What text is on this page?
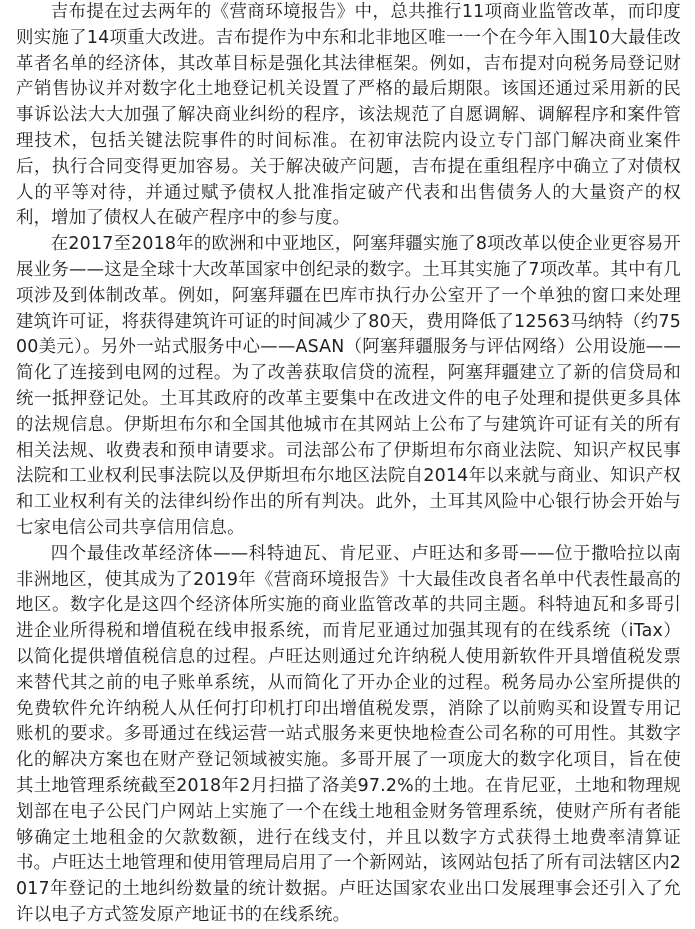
吉布提在过去两年的《营商环境报告》中，总共推行11项商业监管改革，而印度则实施了14项重大改进。吉布提作为中东和北非地区唯一一个在今年入围10大最佳改革者名单的经济体，其改革目标是强化其法律框架。例如，吉布提对向税务局登记财产销售协议并对数字化土地登记机关设置了严格的最后期限。该国还通过采用新的民事诉讼法大大加强了解决商业纠纷的程序，该法规范了自愿调解、调解程序和案件管理技术，包括关键法院事件的时间标准。在初审法院内设立专门部门解决商业案件后，执行合同变得更加容易。关于解决破产问题，吉布提在重组程序中确立了对债权人的平等对待，并通过赋予债权人批准指定破产代表和出售债务人的大量资产的权利，增加了债权人在破产程序中的参与度。

在2017至2018年的欧洲和中亚地区，阿塞拜疆实施了8项改革以使企业更容易开展业务——这是全球十大改革国家中创纪录的数字。土耳其实施了7项改革。其中有几项涉及到体制改革。例如，阿塞拜疆在巴库市执行办公室开了一个单独的窗口来处理建筑许可证，将获得建筑许可证的时间减少了80天，费用降低了12563马纳特（约7500美元）。另外一站式服务中心——ASAN（阿塞拜疆服务与评估网络）公用设施——简化了连接到电网的过程。为了改善获取信贷的流程，阿塞拜疆建立了新的信贷局和统一抵押登记处。土耳其政府的改革主要集中在改进文件的电子处理和提供更多具体的法规信息。伊斯坦布尔和全国其他城市在其网站上公布了与建筑许可证有关的所有相关法规、收费表和预申请要求。司法部公布了伊斯坦布尔商业法院、知识产权民事法院和工业权利民事法院以及伊斯坦布尔地区法院自2014年以来就与商业、知识产权和工业权利有关的法律纠纷作出的所有判决。此外，土耳其风险中心银行协会开始与七家电信公司共享信用信息。

四个最佳改革经济体——科特迪瓦、肯尼亚、卢旺达和多哥——位于撒哈拉以南非洲地区，使其成为了2019年《营商环境报告》十大最佳改良者名单中代表性最高的地区。数字化是这四个经济体所实施的商业监管改革的共同主题。科特迪瓦和多哥引进企业所得税和增值税在线申报系统，而肯尼亚通过加强其现有的在线系统（iTax）以简化提供增值税信息的过程。卢旺达则通过允许纳税人使用新软件开具增值税发票来替代其之前的电子账单系统，从而简化了开办企业的过程。税务局办公室所提供的免费软件允许纳税人从任何打印机打印出增值税发票，消除了以前购买和设置专用记账机的要求。多哥通过在线运营一站式服务来更快地检查公司名称的可用性。其数字化的解决方案也在财产登记领域被实施。多哥开展了一项庞大的数字化项目，旨在使其土地管理系统截至2018年2月扫描了洛美97.2%的土地。在肯尼亚，土地和物理规划部在电子公民门户网站上实施了一个在线土地租金财务管理系统，使财产所有者能够确定土地租金的欠款数额，进行在线支付，并且以数字方式获得土地费率清算证书。卢旺达土地管理和使用管理局启用了一个新网站，该网站包括了所有司法辖区内2017年登记的土地纠纷数量的统计数据。卢旺达国家农业出口发展理事会还引入了允许以电子方式签发原产地证书的在线系统。
